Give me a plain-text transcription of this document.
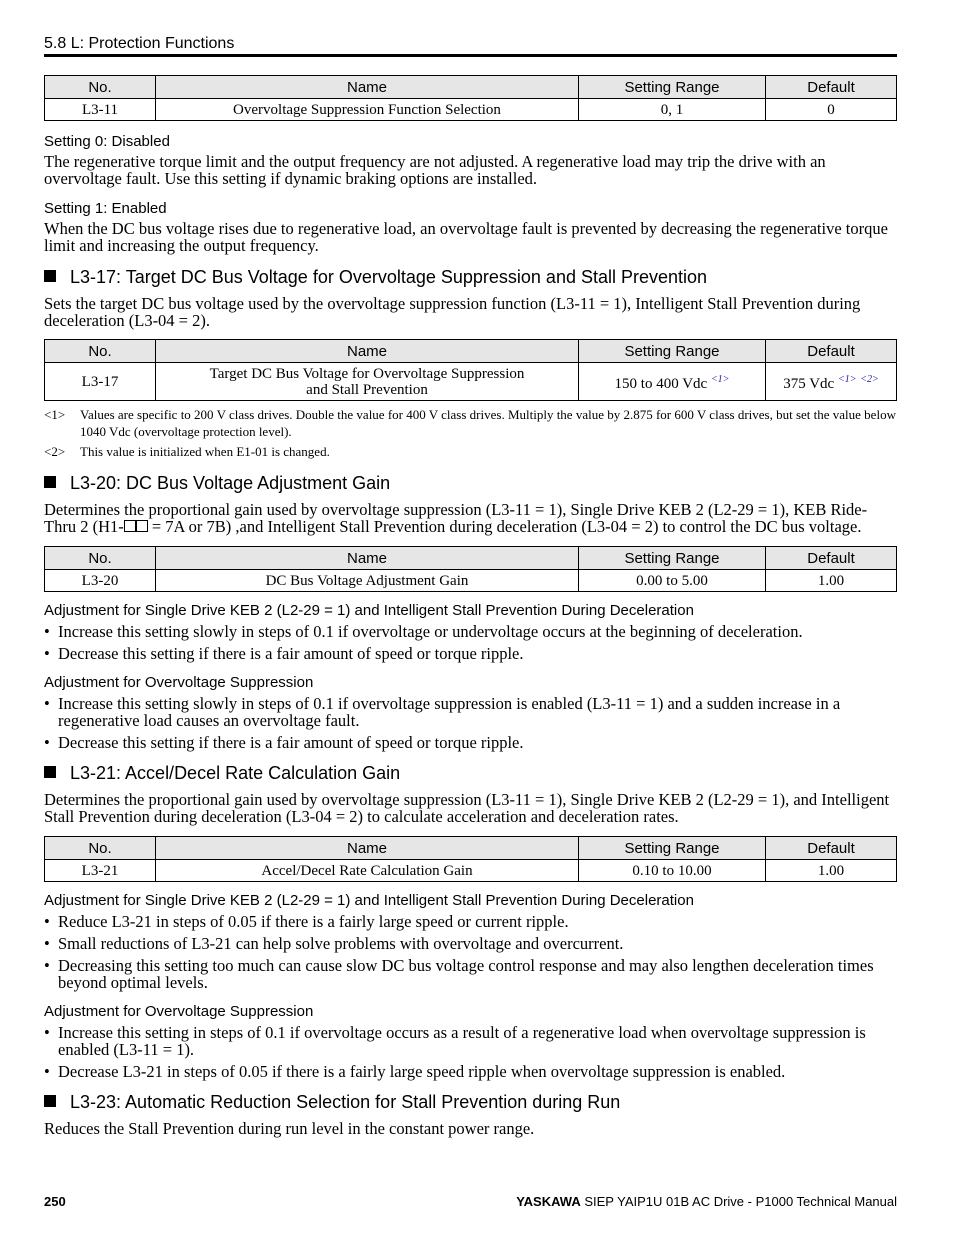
5.8 L: Protection Functions
No.	Name	Setting Range	Default
L3-11	Overvoltage Suppression Function Selection	0, 1	0
Setting 0: Disabled
The regenerative torque limit and the output frequency are not adjusted. A regenerative load may trip the drive with an overvoltage fault. Use this setting if dynamic braking options are installed.
Setting 1: Enabled
When the DC bus voltage rises due to regenerative load, an overvoltage fault is prevented by decreasing the regenerative torque limit and increasing the output frequency.
L3-17: Target DC Bus Voltage for Overvoltage Suppression and Stall Prevention
Sets the target DC bus voltage used by the overvoltage suppression function (L3-11 = 1), Intelligent Stall Prevention during deceleration (L3-04 = 2).
No.	Name	Setting Range	Default
L3-17	Target DC Bus Voltage for Overvoltage Suppression
and Stall Prevention	150 to 400 Vdc $^{<1>}$	375 Vdc $^{<1>}$ $^{<2>}$
<1> Values are specific to 200 V class drives. Double the value for 400 V class drives. Multiply the value by 2.875 for 600 V class drives, but set the value below 1040 Vdc (overvoltage protection level).
<2> This value is initialized when E1-01 is changed.
L3-20: DC Bus Voltage Adjustment Gain
Determines the proportional gain used by overvoltage suppression (L3-11 = 1), Single Drive KEB 2 (L2-29 = 1), KEB Ride-Thru 2 (H1- = 7A or 7B) ,and Intelligent Stall Prevention during deceleration (L3-04 = 2) to control the DC bus voltage.
No.	Name	Setting Range	Default
L3-20	DC Bus Voltage Adjustment Gain	0.00 to 5.00	1.00
Adjustment for Single Drive KEB 2 (L2-29 = 1) and Intelligent Stall Prevention During Deceleration
• Increase this setting slowly in steps of 0.1 if overvoltage or undervoltage occurs at the beginning of deceleration.
• Decrease this setting if there is a fair amount of speed or torque ripple.
Adjustment for Overvoltage Suppression
• Increase this setting slowly in steps of 0.1 if overvoltage suppression is enabled (L3-11 = 1) and a sudden increase in a regenerative load causes an overvoltage fault.
• Decrease this setting if there is a fair amount of speed or torque ripple.
L3-21: Accel/Decel Rate Calculation Gain
Determines the proportional gain used by overvoltage suppression (L3-11 = 1), Single Drive KEB 2 (L2-29 = 1), and Intelligent Stall Prevention during deceleration (L3-04 = 2) to calculate acceleration and deceleration rates.
No.	Name	Setting Range	Default
L3-21	Accel/Decel Rate Calculation Gain	0.10 to 10.00	1.00
Adjustment for Single Drive KEB 2 (L2-29 = 1) and Intelligent Stall Prevention During Deceleration
• Reduce L3-21 in steps of 0.05 if there is a fairly large speed or current ripple.
• Small reductions of L3-21 can help solve problems with overvoltage and overcurrent.
• Decreasing this setting too much can cause slow DC bus voltage control response and may also lengthen deceleration times beyond optimal levels.
Adjustment for Overvoltage Suppression
• Increase this setting in steps of 0.1 if overvoltage occurs as a result of a regenerative load when overvoltage suppression is enabled (L3-11 = 1).
• Decrease L3-21 in steps of 0.05 if there is a fairly large speed ripple when overvoltage suppression is enabled.
L3-23: Automatic Reduction Selection for Stall Prevention during Run
Reduces the Stall Prevention during run level in the constant power range.
250	YASKAWA SIEP YAIP1U 01B AC Drive - P1000 Technical Manual
